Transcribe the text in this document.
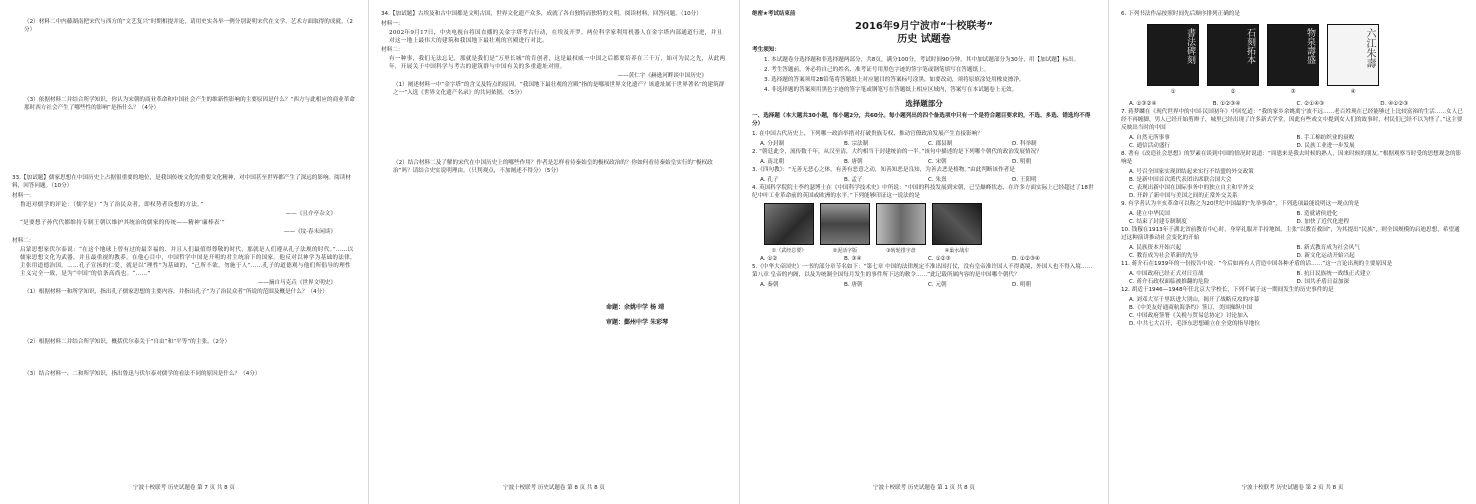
（2）材料二中内藤湖南把宋代与西方的“文艺复兴”时期相提并论，请用史实各举一例分别说明宋代在文学、艺术方面取得的成就。（2分）

（3）依据材料二并结合所学知识，你认为宋朝的商业革命和中国社会产生的维新性影响的主要原因是什么？“西方与此相应的商业革命那时西方社会产生了哪些性的影响”是指什么？（4分）

33.【加试题】儒家思想在中国历史上占据很重要的地位，是我国传统文化的重要文化精神，对中国甚至世界都产生了深远的影响。阅读材料，回答问题。（10分）

材料一：

鲁迅对儒学的评论：（儒学是）“为了治民众者，即权势者设想的方法。”

——《且介亭杂文》

“是要想子孙代代都维持专制王朝以维护其统治的儒家的传统——精神‘廉棒表’”

——《坟·春末闲谈》

材料二：

启蒙思想家伏尔泰说：“在这个地球上曾有过的最幸福的、并且人们最值得尊敬的时代，那就是人们遵从孔子法规的时代。”……以儒家思想文化为武器，并且最重视的教养。在他心目中，中国哲学中国是开明的君主统治下的国家。他反对以神学为基础的法律，主张用道德治国。……孔子宣扬的仁爱，就是以“理性”为基础的，“己所不欲，勿施于人”……孔子的道德观与他们所倡导的理性主义完全一致，是为“中国”的信条高尚也。“……”

——摘自马克垚《世界文明史》

（1）根据材料一和所学知识，指出孔子儒家思想的主要内容，并指出孔子“为了治民众者”所说的范围及概是什么？（4分）

（2）根据材料二并结合所学知识，概括伏尔泰关于“自由”和“平等”的主张。（2分）

（3）结合材料一、二和所学知识，指出鲁迅与伏尔泰对儒学的看法不同的原因是什么？（4分）

宁波十校联考 历史试题卷 第 7 页 共 8 页

34.【加试题】古埃及和古中国都是文明古国，世界文化遗产众多，成就了各自独特而独特的文明。阅读材料，回答问题。（10分）

材料一：

2002年9月17日，中央电视台将国直播的关金字塔考古行动，在埃及开罗，两位科学家利用机器人在金字塔内部通道行进，并且对这一地上最伟大的建筑和我国地下最壮观的宫殿进行对比。

材料二：

有一种事，我们无法忘记，那就是我们是“万里长城”的肯创者，这是最权威一中国之后都要培养在三千万，始可为民之先，从此两年，开展关于中国科学与考古的建筑群与中国有关的多重遗址对照。

——黄仁宇《赫逊河畔谈中国历史》

（1）阐述材料一中“金字塔”的含义及特点的原因。“我国地下最壮观的宫殿”指的是哪项世界文化遗产？该遗址属于世界著名“的建筑群之一”入选《世界文化遗产名录》的共同依据。（5分）

（2）结合材料二及了解的宋代在中国历史上的哪些作用？作者是怎样看待秦始皇的极权政治的？你如何看待秦始皇实行的“极权政治”吗？请结合史实说明理由。（只判观点，不加阐述不得分）（5分）

命题：余姚中学 杨 靖

审题：鄞州中学 朱彩琴

宁波十校联考 历史试题卷 第 8 页 共 8 页
绝密★考试结束前
2016年9月宁波市“十校联考”
历史 试题卷

考生须知：

1. 本试题卷分选择题和非选择题两部分，共8页，满分100分，考试时间90分钟。其中加试题部分为30分，用【加试题】标出。

2. 考生答题前，务必将自己的姓名、准考证号用黑色字迹的签字笔或钢笔填写在答题纸上。

3. 选择题的答案须用2B铅笔将答题纸上对应题目的答案标号涂黑，如要改动，须将原填涂处用橡皮擦净。

4. 非选择题的答案须用黑色字迹的签字笔或钢笔写在答题纸上相应区域内，答案写在本试题卷上无效。

选择题部分

一、选择题（本大题共30小题，每小题2分，共60分。每小题列出的四个备选项中只有一个是符合题目要求的，不选、多选、错选均不得分）

1. 在中国古代历史上，下列哪一政治举措对打破贵族专权、推动官僚政治发展产生直接影响？

A. 分封制	B. 宗法制	C. 郡县制	D. 科举制

2. “朝廷此令，流传数千年，从汉至清，大约相当于封建统治的一半。”该句中描述的是下列哪个朝代的政治发展情况？

A. 南北朝	B. 唐朝	C. 宋朝	D. 明朝

3.《四句教》：“无善无恶心之体，有善有恶意之动，知善知恶是良知，为善去恶是格物。”由此判断该作者是

A. 孔子	B. 孟子	C. 朱熹	D. 王阳明

4. 英国科学院院士李约瑟博士在《中国科学技术史》中所说：“中国的科技发展到宋朝，已呈巅峰状态，在许多方面实际上已经超过了18世纪中叶工业革命前的英国或欧洲的水平。”下列能够印证这一说法的是

①《武经总要》	②泥活字版	③转轮排字盘	④巢水战车
A. ①②	B. ③④	C. ①②③	D. ①②③④

5.《中华大帝国史》一书的部分章节名如下：“第七章 中国的法律规定不准出国打仗，没有皇帝准许国人不得离境，外国人也不得入境……第八章 皇帝的内阁，以及为统制全国每月发生的事件所下达的敕令……”此记载所属内容的是中国哪个朝代？

A. 秦朝	B. 唐朝	C. 元朝	D. 明朝
宁波十校联考 历史试题卷 第 1 页 共 8 页

6. 下列书法作品按照时间先后顺序排列正确的是

書法碑刻	石刻拓本	物泉壽盛	六江朱壽
①	②	③	④
A. ①③②④	B. ①②③④	C. ②①④③	D. ④①②③

7. 蒋梦麟在《现代世界中的中国·民国初年》中回忆道：“我的家乡余姚离宁波不远……老百姓现在已经能够过上比较富裕的生活……女人已经不再缠脚，男人已经开始剪辫子，城里已经出现了许多新式学堂，因此有些戏文中提到女人们的故事时，村民们已经不以为怪了。”这主要反映出当时的中国

A. 自然无所事事	B. 手工棉纺织业的衰败
C. 通信活动盛行	D. 民族工业进一步发展

8. 著有《改造社会思想》的罗素在谈到中国的情况时说道：“周恩来是我去时候的熟人，因来时候的朋友。”根据观察当时受的思想观念的影响是

A. 号召全国家实现团结起来实行不结盟的外交政策
B. 是新中国首次派代表团出席联合国大会
C. 表现出新中国在国际事务中的独立自主和平外交
D. 开辟了新中国与美国之间的正常外交关系

9. 有学者认为辛亥革命可以称之为20世纪中国最的“先举事命”，下列选项最能说明这一观点的是

A. 建立中华民国	B. 造就诸侯进化
C. 结束了封建专制制度	D. 加快了近代化进程

10. 钱穆在1913年于湖北省前教育中心时，身穿礼服并手持地图，主张“以教育救国”，为其提出“民族”，则全国规模的启迪思想，希望通过这种演讲推动社会变化的开始

A. 民族资本开始兴起	B. 新式教育成为社会风气
C. 教育成为社会革新的先导	D. 新文化运动开始兴起

11. 蒋介石在1939年的一份报告中说：“今后如再有人营造中国各种矛盾的话……”这一言论出现的主要原因是

A. 中国政府已经正式对日宣战	B. 抗日民族统一战线正式建立
C. 蒋介石政权面临被推翻的危险	D. 国共矛盾日益加深

12. 胡适于1946—1948年任北京大学校长，下列不属于这一期间发生的历史事件的是

A. 刘邓大军千里跃进大别山，揭开了战略反攻的序幕
B.《中美友好通商航海条约》签订，美国操纵中国
C. 中国政府签署《关税与贸易总协定》讨论加入
D. 中共七大召开，毛泽东思想确立在全党的指导地位
宁波十校联考 历史试题卷 第 2 页 共 8 页
